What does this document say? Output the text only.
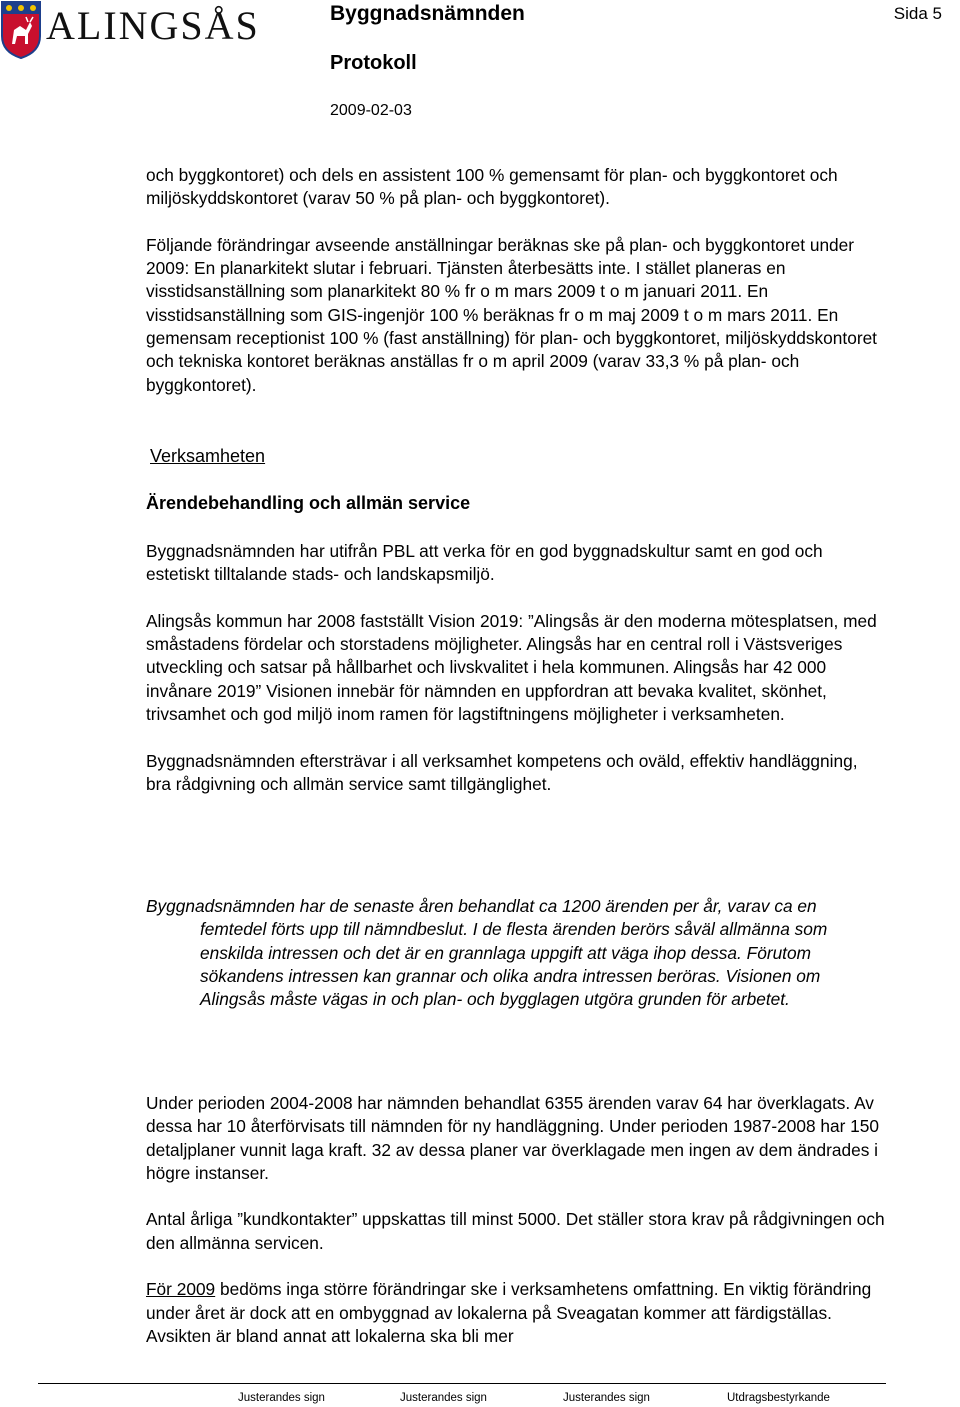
ALINGSÅS	Byggnadsnämnden	Sida 5
Protokoll
2009-02-03

och byggkontoret) och dels en assistent 100 % gemensamt för plan- och byggkontoret och miljöskyddskontoret (varav 50 % på plan- och byggkontoret).

Följande förändringar avseende anställningar beräknas ske på plan- och byggkontoret under 2009: En planarkitekt slutar i februari. Tjänsten återbesätts inte. I stället planeras en visstidsanställning som planarkitekt 80 % fr o m mars 2009 t o m januari 2011. En visstidsanställning som GIS-ingenjör 100 % beräknas fr o m maj 2009 t o m mars 2011. En gemensam receptionist 100 % (fast anställning) för plan- och byggkontoret, miljöskyddskontoret och tekniska kontoret beräknas anställas fr o m april 2009 (varav 33,3 % på plan- och byggkontoret).

Verksamheten
Ärendebehandling och allmän service

Byggnadsnämnden har utifrån PBL att verka för en god byggnadskultur samt en god och estetiskt tilltalande stads- och landskapsmiljö.

Alingsås kommun har 2008 fastställt Vision 2019: ”Alingsås är den moderna mötesplatsen, med småstadens fördelar och storstadens möjligheter. Alingsås har en central roll i Västsveriges utveckling och satsar på hållbarhet och livskvalitet i hela kommunen. Alingsås har 42 000 invånare 2019” Visionen innebär för nämnden en uppfordran att bevaka kvalitet, skönhet, trivsamhet och god miljö inom ramen för lagstiftningens möjligheter i verksamheten.

Byggnadsnämnden eftersträvar i all verksamhet kompetens och oväld, effektiv handläggning, bra rådgivning och allmän service samt tillgänglighet.

Byggnadsnämnden har de senaste åren behandlat ca 1200 ärenden per år, varav ca en femtedel förts upp till nämndbeslut. I de flesta ärenden berörs såväl allmänna som enskilda intressen och det är en grannlaga uppgift att väga ihop dessa. Förutom sökandens intressen kan grannar och olika andra intressen beröras. Visionen om Alingsås måste vägas in och plan- och bygglagen utgöra grunden för arbetet.

Under perioden 2004-2008 har nämnden behandlat 6355 ärenden varav 64 har överklagats. Av dessa har 10 återförvisats till nämnden för ny handläggning. Under perioden 1987-2008 har 150 detaljplaner vunnit laga kraft. 32 av dessa planer var överklagade men ingen av dem ändrades i högre instanser.

Antal årliga ”kundkontakter” uppskattas till minst 5000. Det ställer stora krav på rådgivningen och den allmänna servicen.

För 2009 bedöms inga större förändringar ske i verksamhetens omfattning. En viktig förändring under året är dock att en ombyggnad av lokalerna på Sveagatan kommer att färdigställas. Avsikten är bland annat att lokalerna ska bli mer

Justerandes sign	Justerandes sign	Justerandes sign	Utdragsbestyrkande
